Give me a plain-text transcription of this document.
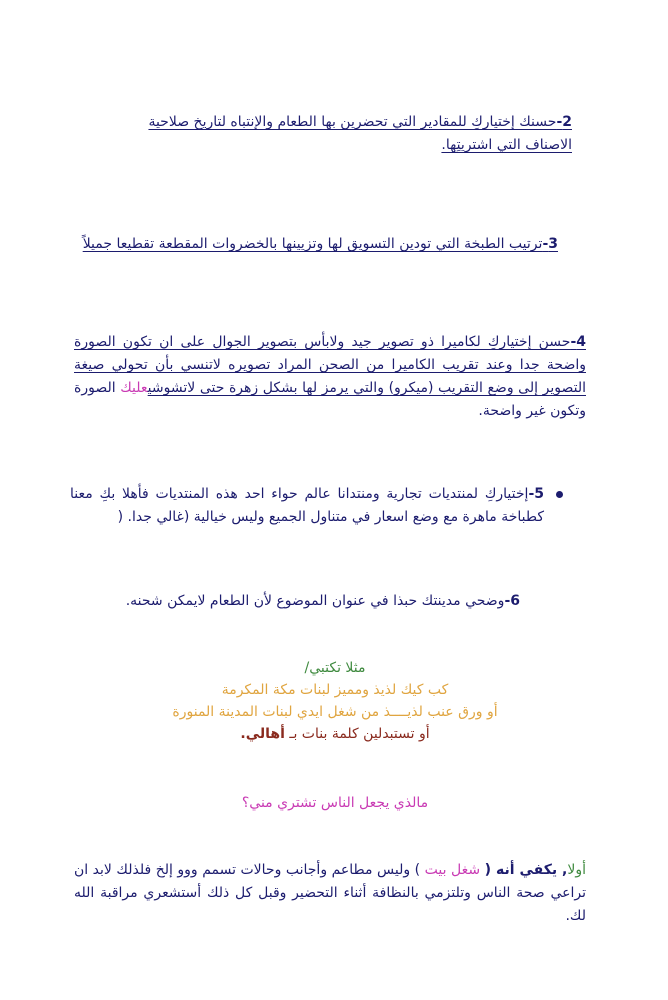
2-حسنك إختياركِ للمقادير التي تحضرين بها الطعام والإنتباه لتاريخ صلاحية الاصناف التي اشتريتِها.
3-ترتيب الطبخة التي تودين التسويق لها وتزيينها بالخضروات المقطعة تقطيعا جميلاً
4-حسن إختياركِ لكاميرا ذو تصوير جيد ولابأس بتصوير الجوال على ان تكون الصورة واضحة جدا وعند تقريب الكاميرا من الصحن المراد تصويره لاتنسي بأن تحولي صيغة التصوير إلى وضع التقريب (ميكرو) والتي يرمز لها بشكل زهرة حتى لاتشوشيعليك الصورة وتكون غير واضحة.
5-إختياركِ لمنتديات تجارية ومنتدانا عالم حواء احد هذه المنتديات فأهلا بكِ معنا كطباخة ماهرة مع وضع اسعار في متناول الجميع وليس خيالية (غالي جدا. (
6-وضحي مدينتك حبذا في عنوان الموضوع لأن الطعام لايمكن شحنه.
مثلا تكتبي/
كب كيك لذيذ ومميز لبنات مكة المكرمة
أو ورق عنب لذيــــذ من شغل ايدي لبنات المدينة المنورة
أو تستبدلين كلمة بنات بـ أهالي.
مالذي يجعل الناس تشتري مني؟
أولا, يكفي أنه ( شغل بيت ) وليس مطاعم وأجانب وحالات تسمم ووو إلخ فلذلك لابد ان تراعي صحة الناس وتلتزمي بالنظافة أثناء التحضير وقبل كل ذلك أستشعري مراقبة الله لك.
